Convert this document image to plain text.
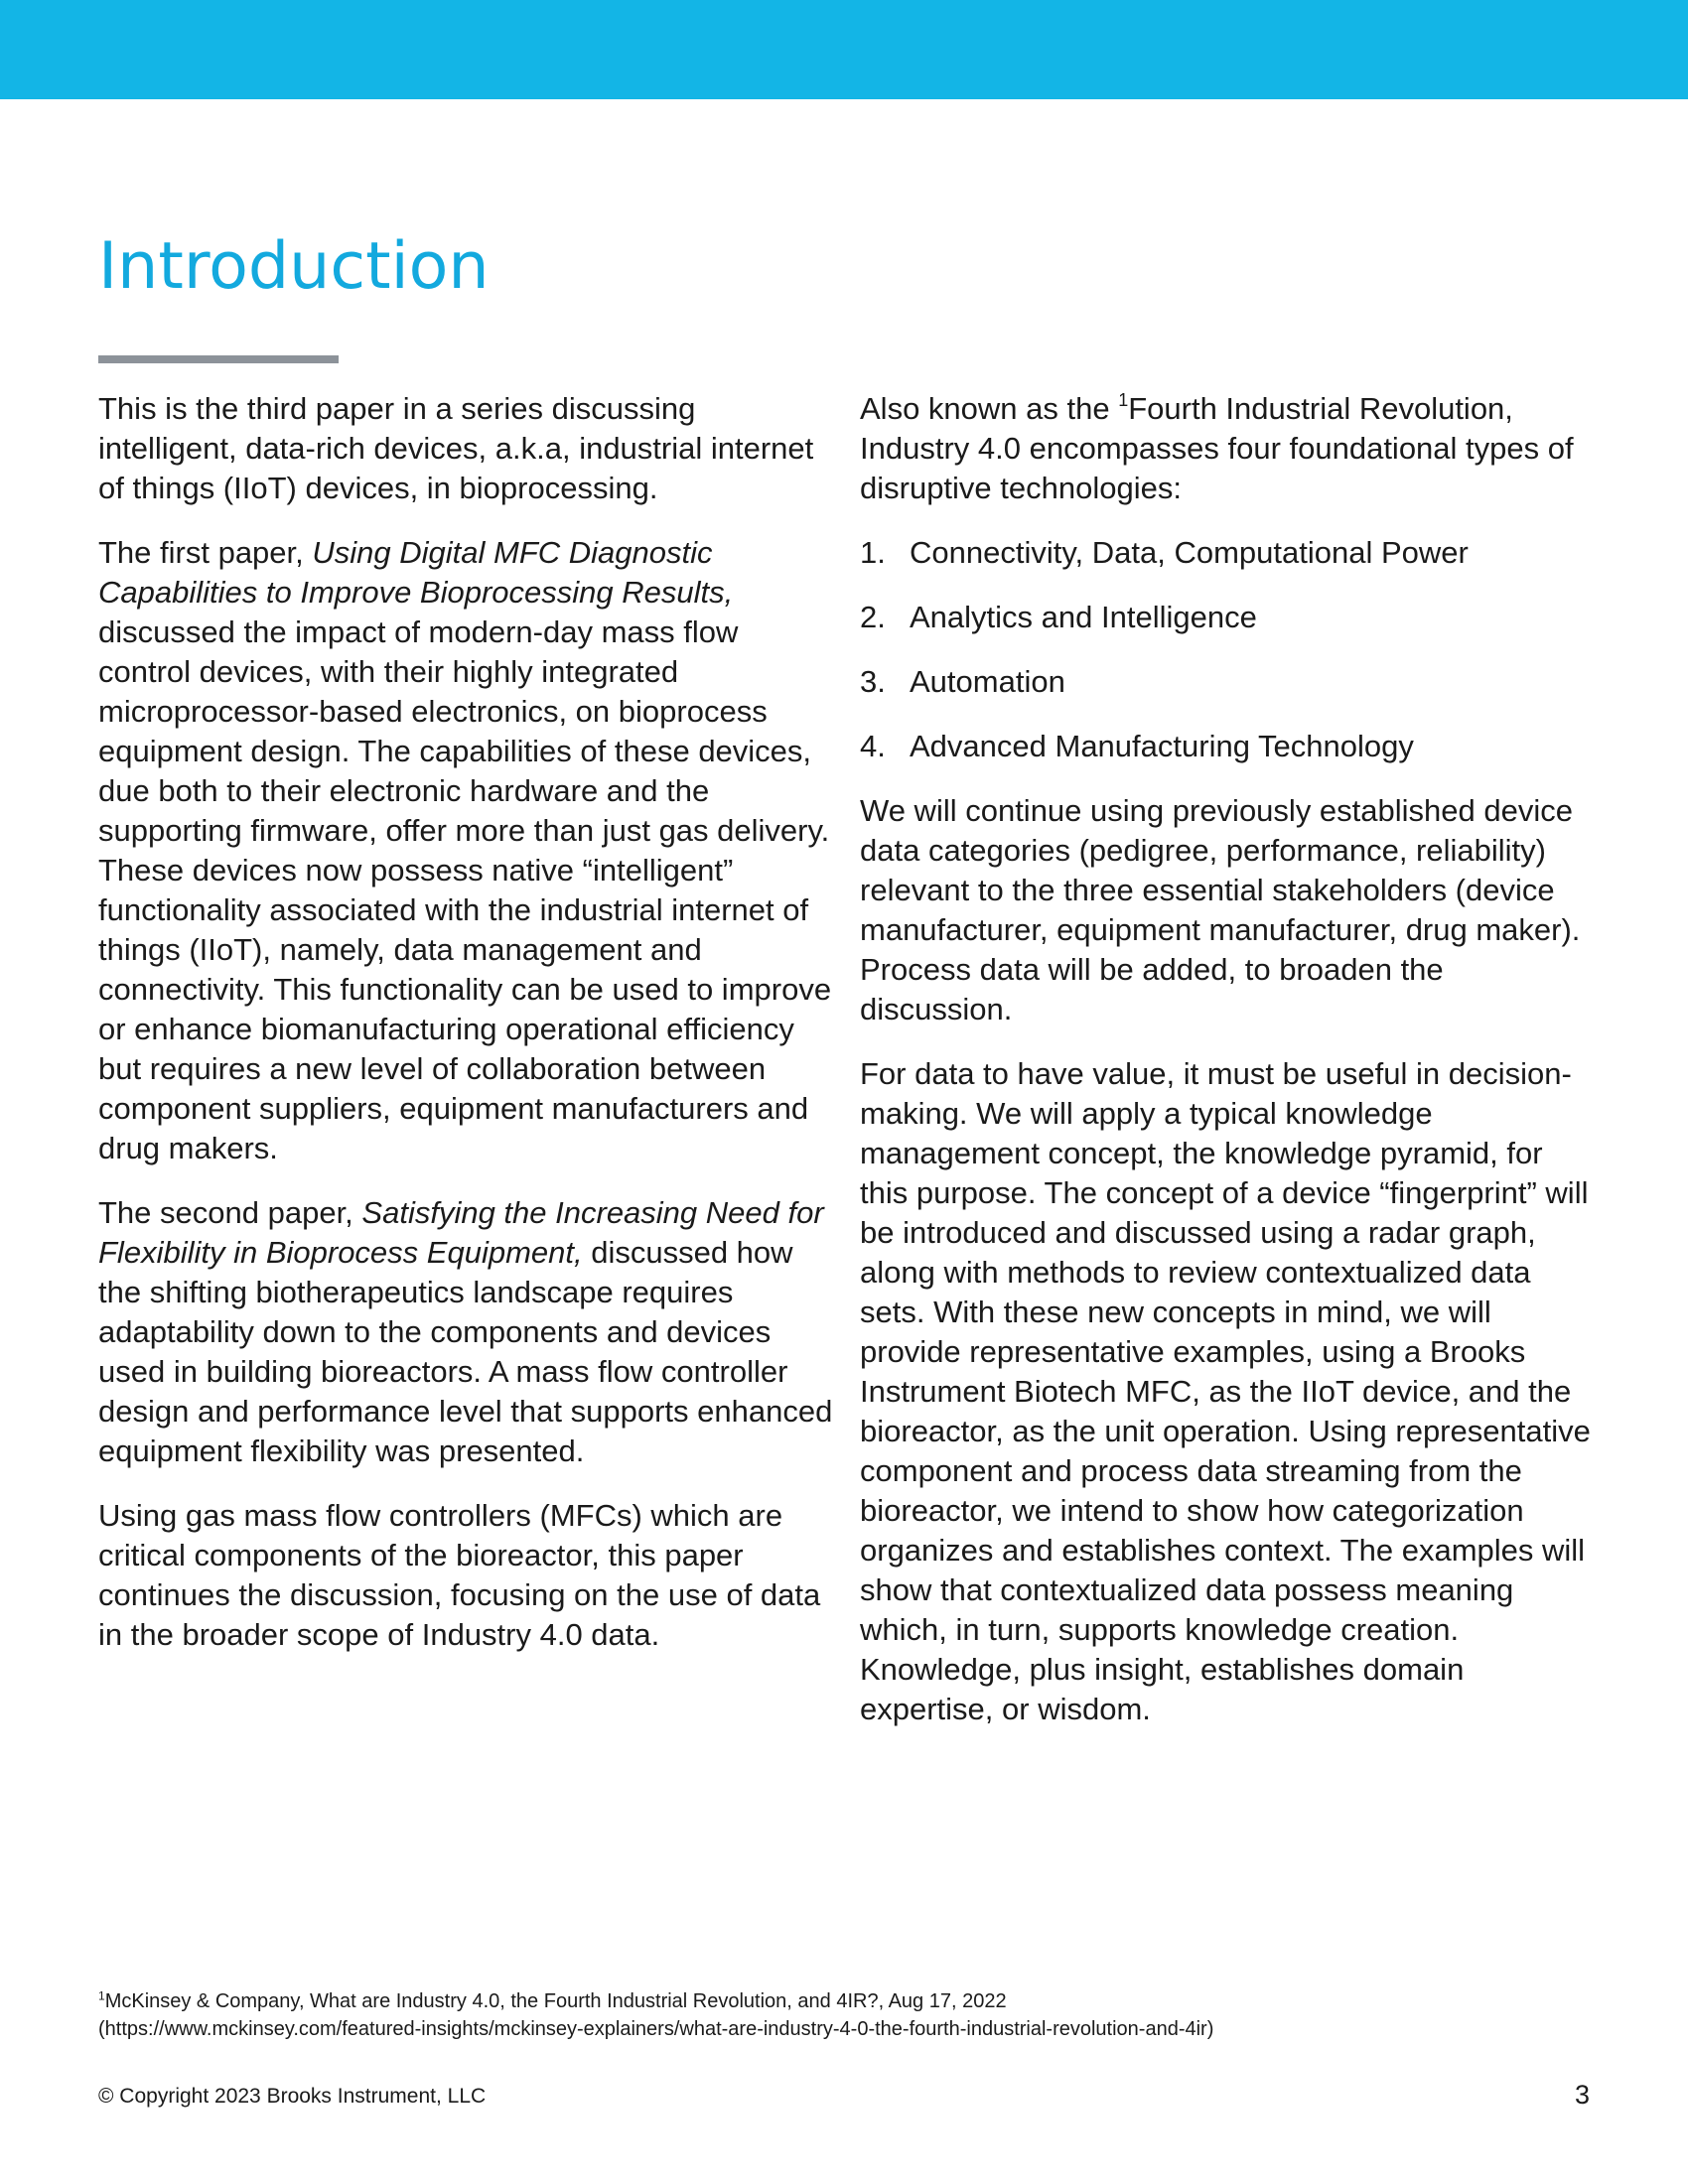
Introduction

This is the third paper in a series discussing intelligent, data-rich devices, a.k.a, industrial internet of things (IIoT) devices, in bioprocessing.

The first paper, Using Digital MFC Diagnostic Capabilities to Improve Bioprocessing Results, discussed the impact of modern-day mass flow control devices, with their highly integrated microprocessor-based electronics, on bioprocess equipment design. The capabilities of these devices, due both to their electronic hardware and the supporting firmware, offer more than just gas delivery. These devices now possess native “intelligent” functionality associated with the industrial internet of things (IIoT), namely, data management and connectivity. This functionality can be used to improve or enhance biomanufacturing operational efficiency but requires a new level of collaboration between component suppliers, equipment manufacturers and drug makers.

The second paper, Satisfying the Increasing Need for Flexibility in Bioprocess Equipment, discussed how the shifting biotherapeutics landscape requires adaptability down to the components and devices used in building bioreactors. A mass flow controller design and performance level that supports enhanced equipment flexibility was presented.

Using gas mass flow controllers (MFCs) which are critical components of the bioreactor, this paper continues the discussion, focusing on the use of data in the broader scope of Industry 4.0 data.

Also known as the $^1$Fourth Industrial Revolution, Industry 4.0 encompasses four foundational types of disruptive technologies:

1. Connectivity, Data, Computational Power
2. Analytics and Intelligence
3. Automation
4. Advanced Manufacturing Technology

We will continue using previously established device data categories (pedigree, performance, reliability) relevant to the three essential stakeholders (device manufacturer, equipment manufacturer, drug maker). Process data will be added, to broaden the discussion.

For data to have value, it must be useful in decision-making. We will apply a typical knowledge management concept, the knowledge pyramid, for this purpose. The concept of a device “fingerprint” will be introduced and discussed using a radar graph, along with methods to review contextualized data sets. With these new concepts in mind, we will provide representative examples, using a Brooks Instrument Biotech MFC, as the IIoT device, and the bioreactor, as the unit operation. Using representative component and process data streaming from the bioreactor, we intend to show how categorization organizes and establishes context. The examples will show that contextualized data possess meaning which, in turn, supports knowledge creation. Knowledge, plus insight, establishes domain expertise, or wisdom.

$^1$McKinsey & Company, What are Industry 4.0, the Fourth Industrial Revolution, and 4IR?, Aug 17, 2022
(https://www.mckinsey.com/featured-insights/mckinsey-explainers/what-are-industry-4-0-the-fourth-industrial-revolution-and-4ir)
© Copyright 2023 Brooks Instrument, LLC	3
